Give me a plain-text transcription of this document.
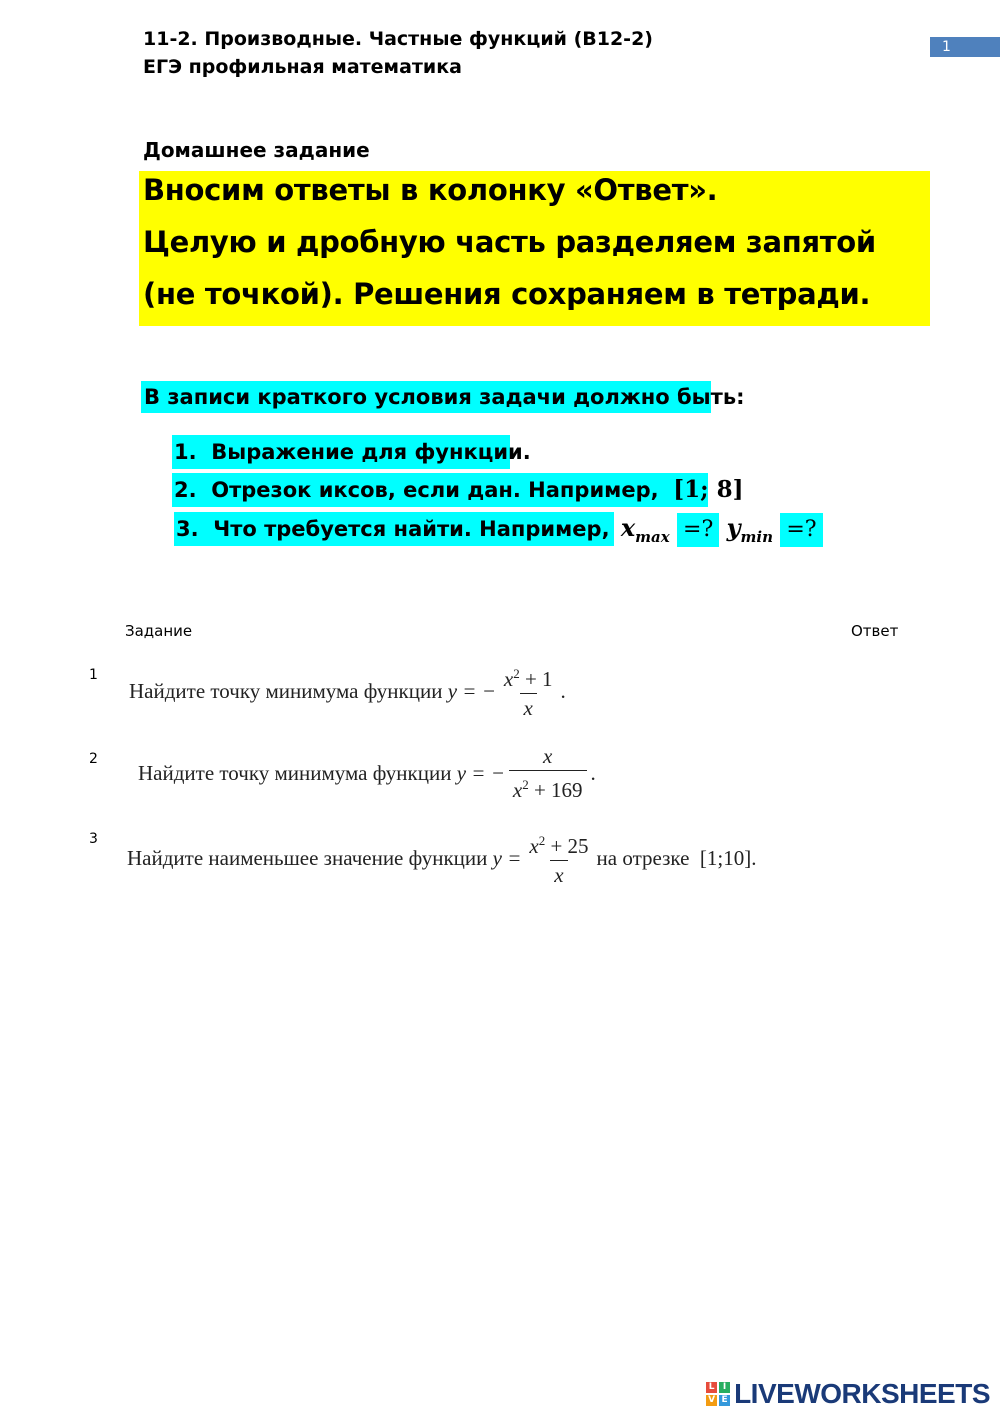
11-2. Производные. Частные функций (В12-2)
ЕГЭ профильная математика
1
Домашнее задание
Вносим ответы в колонку «Ответ».
Целую и дробную часть разделяем запятой
(не точкой). Решения сохраняем в тетради.
В записи краткого условия задачи должно быть:
1. Выражение для функции.
2. Отрезок иксов, если дан. Например, [1; 8]
3. Что требуется найти. Например, $x_{max}$ =? $y_{min}$ =?
Задание	Ответ
1
Найдите точку минимума функции
y = − $\frac{x^2 + 1}{x}$ .
2
Найдите точку минимума функции
y = − $\frac{x}{x^2 + 169}$ .
3
Найдите наименьшее значение функции
$y = \frac{x^2 + 25}{x}$ на отрезке
[1;10] .
L I
V E LIVEWORKSHEETS
